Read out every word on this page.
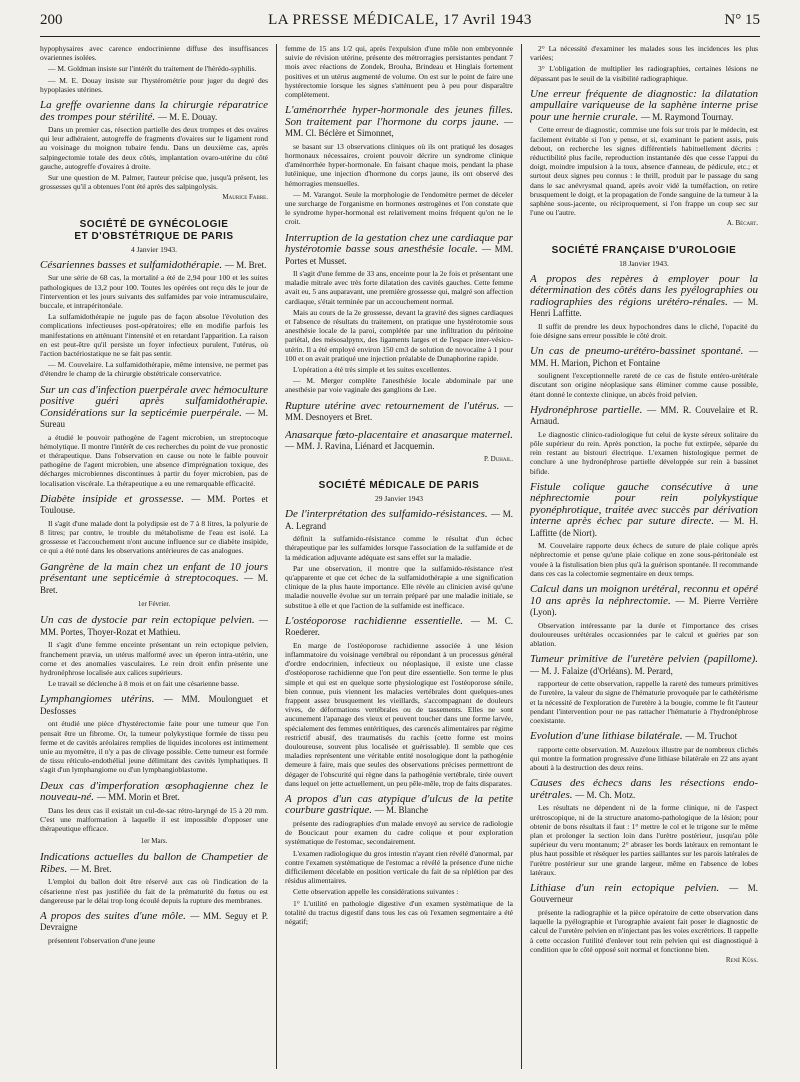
200	LA PRESSE MÉDICALE, 17 Avril 1943	N° 15

hypophysaires avec carence endocrinienne diffuse des insuffisances ovariennes isolées.

— M. Goldman insiste sur l'intérêt du traitement de l'hérédo-syphilis.

— M. E. Douay insiste sur l'hystérométrie pour juger du degré des hypoplasies utérines.

La greffe ovarienne dans la chirurgie réparatrice des trompes pour stérilité. — M. E. Douay.

Dans un premier cas, résection partielle des deux trompes et des ovaires qui leur adhéraient, autogreffe de fragments d'ovaires sur le ligament rond au voisinage du moignon tubaire fendu. Dans un deuxième cas, après salpingectomie totale des deux côtés, implantation ovaro-utérine du côté gauche, autogreffe d'ovaires à droite.

Sur une question de M. Palmer, l'auteur précise que, jusqu'à présent, les grossesses qu'il a obtenues l'ont été après des salpingolysis.

Maurice Fabre.
SOCIÉTÉ DE GYNÉCOLOGIE
ET D'OBSTÉTRIQUE DE PARIS
4 Janvier 1943.
Césariennes basses et sulfamidothérapie. — M. Bret.

Sur une série de 68 cas, la mortalité a été de 2,94 pour 100 et les suites pathologiques de 13,2 pour 100. Toutes les opérées ont reçu dès le jour de l'intervention et les jours suivants des sulfamides par voie intramusculaire, buccale, et intrapéritonéale.

La sulfamidothérapie ne jugule pas de façon absolue l'évolution des complications infectieuses post-opératoires; elle en modifie parfois les manifestations en atténuant l'intensité et en retardant l'apparition. La raison en est peut-être qu'il persiste un foyer infectieux purulent, l'utérus, où l'action bactériostatique ne se fait pas sentir.

— M. Couvelaire. La sulfamidothérapie, même intensive, ne permet pas d'étendre le champ de la chirurgie obstétricale conservatrice.

Sur un cas d'infection puerpérale avec hémoculture positive guéri après sulfamidothérapie. Considérations sur la septicémie puerpérale. — M. Sureau

a étudié le pouvoir pathogène de l'agent microbien, un streptocoque hémolytique. Il montre l'intérêt de ces recherches du point de vue pronostic et thérapeutique. Dans l'observation en cause ou note le faible pouvoir pathogène de l'agent microbien, une absence d'imprégnation toxique, des décharges microbiennes discontinues à partir du foyer microbien, pas de localisation viscérale. La thérapeutique a eu une remarquable efficacité.

Diabète insipide et grossesse. — MM. Portes et Toulouse.

Il s'agit d'une malade dont la polydipsie est de 7 à 8 litres, la polyurie de 8 litres; par contre, le trouble du métabolisme de l'eau est isolé. La grossesse et l'accouchement n'ont aucune influence sur ce diabète insipide, ce qui a été noté dans les observations antérieures de cas analogues.

Gangrène de la main chez un enfant de 10 jours présentant une septicémie à streptocoques. — M. Bret.
1er Février.
Un cas de dystocie par rein ectopique pelvien. — MM. Portes, Thoyer-Rozat et Mathieu.

Il s'agit d'une femme enceinte présentant un rein ectopique pelvien, franchement prævia, un utérus malformé avec un éperon intra-utérin, une corne et des anomalies vasculaires. Le rein droit enfin présente une hydronéphrose localisée aux calices supérieurs.

Le travail se déclenche à 8 mois et on fait une césarienne basse.

Lymphangiomes utérins. — MM. Moulonguet et Desfosses

ont étudié une pièce d'hystérectomie faite pour une tumeur que l'on pensait être un fibrome. Or, la tumeur polykystique formée de tissu peu ferme et de cavités aréolaires remplies de liquides incolores est intimement unie au myomètre, il n'y a pas de clivage possible. Cette tumeur est formée de tissu réticulo-endothélial jeune délimitant des cavités lymphatiques. Il s'agit d'un lymphangiome ou d'un lymphangioblastome.

Deux cas d'imperforation œsophagienne chez le nouveau-né. — MM. Morin et Bret.

Dans les deux cas il existait un cul-de-sac rétro-laryngé de 15 à 20 mm. C'est une malformation à laquelle il est impossible d'opposer une thérapeutique efficace.

1er Mars.
Indications actuelles du ballon de Champetier de Ribes. — M. Bret.

L'emploi du ballon doit être réservé aux cas où l'indication de la césarienne n'est pas justifiée du fait de la prématurité du fœtus ou est dangereuse par le délai trop long écoulé depuis la rupture des membranes.

A propos des suites d'une môle. — MM. Seguy et P. Devraigne

présentent l'observation d'une jeune

femme de 15 ans 1/2 qui, après l'expulsion d'une môle non embryonnée suivie de révision utérine, présente des métrorragies persistantes pendant 7 mois avec réactions de Zondek, Brouha, Brindeau et Hinglais fortement positives et un utérus augmenté de volume. On est sur le point de faire une hystérectomie lorsque les signes s'atténuent peu à peu pour disparaître complètement.

L'aménorrhée hyper-hormonale des jeunes filles. Son traitement par l'hormone du corps jaune. — MM. Cl. Béclère et Simonnet,

se basant sur 13 observations cliniques où ils ont pratiqué les dosages hormonaux nécessaires, croient pouvoir décrire un syndrome clinique d'aménorrhée hyper-hormonale. En faisant chaque mois, pendant la phase lutéinique, une injection d'hormone du corps jaune, ils ont observé des hémorragies mensuelles.

— M. Varangot. Seule la morphologie de l'endomètre permet de déceler une surcharge de l'organisme en hormones œstrogènes et l'on constate que le syndrome hyper-hormonal est relativement moins fréquent qu'on ne le croit.

Interruption de la gestation chez une cardiaque par hystérotomie basse sous anesthésie locale. — MM. Portes et Musset.

Il s'agit d'une femme de 33 ans, enceinte pour la 2e fois et présentant une maladie mitrale avec très forte dilatation des cavités gauches. Cette femme avait eu, 5 ans auparavant, une première grossesse qui, malgré son affection cardiaque, s'était terminée par un accouchement normal.

Mais au cours de la 2e grossesse, devant la gravité des signes cardiaques et l'absence de résultats du traitement, on pratique une hystérotomie sous anesthésie locale de la paroi, complétée par une infiltration du péritoine pariétal, des mésosalpynx, des ligaments larges et de l'espace inter-vésico-utérin. Il a été employé environ 150 cm3 de solution de novocaïne à 1 pour 100 et on avait pratiqué une injection préalable de Dunaphorine rapide.

L'opération a été très simple et les suites excellentes.

— M. Merger complète l'anesthésie locale abdominale par une anesthésie par voie vaginale des ganglions de Lee.

Rupture utérine avec retournement de l'utérus. — MM. Desnoyers et Bret.
Anasarque fœto-placentaire et anasarque maternel. — MM. J. Ravina, Liénard et Jacquemin.
P. Duhail.
SOCIÉTÉ MÉDICALE DE PARIS
29 Janvier 1943
De l'interprétation des sulfamido-résistances. — M. A. Legrand

définit la sulfamido-résistance comme le résultat d'un échec thérapeutique par les sulfamides lorsque l'association de la sulfamide et de la médication adjuvante adéquate est sans effet sur la maladie.

Par une observation, il montre que la sulfamido-résistance n'est qu'apparente et que cet échec de la sulfamidothérapie a une signification clinique de la plus haute importance. Elle révèle au clinicien avisé qu'une maladie nouvelle évolue sur un terrain préparé par une maladie initiale, se substitue à elle et que l'action de la sulfamide est inefficace.

L'ostéoporose rachidienne essentielle. — M. C. Roederer.

En marge de l'ostéoporose rachidienne associée à une lésion inflammatoire du voisinage vertébral ou répondant à un processus général d'ordre endocrinien, infectieux ou néoplasique, il existe une classe d'ostéoporose rachidienne que l'on peut dire essentielle. Son terme le plus simple et qui est en quelque sorte physiologique est l'ostéoporose sénile, bien connue, puis viennent les malacies vertébrales dont quelques-unes frappent assez brusquement les vieillards, s'accompagnant de douleurs vives, de déformations vertébrales ou de tassements. Elles ne sont aucunement l'apanage des vieux et peuvent toucher dans une forme larvée, spécialement des femmes entéritiques, des carencés alimentaires par régime restrictif abusif, des traumatisés du rachis (cette forme est moins douloureuse, souvent plus localisée et guérissable). Il semble que ces maladies représentent une véritable entité nosologique dont la pathogénie demeure à faire, mais que seules des observations précises permettront de dégager de l'obscurité qui règne dans la pathogénie vertébrale, tirée ouvert dans lequel on jette actuellement, un peu pêle-mêle, trop de faits disparates.

A propos d'un cas atypique d'ulcus de la petite courbure gastrique. — M. Blanche

présente des radiographies d'un malade envoyé au service de radiologie de Boucicaut pour examen du cadre colique et pour exploration systématique de l'estomac, secondairement.

L'examen radiologique du gros intestin n'ayant rien révélé d'anormal, par contre l'examen systématique de l'estomac a révélé la présence d'une niche difficilement décelable en position verticale du fait de sa réplétion par des résidus alimentaires.

Cette observation appelle les considérations suivantes :

1° L'utilité en pathologie digestive d'un examen systématique de la totalité du tractus digestif dans tous les cas où l'examen segmentaire a été négatif;

2° La nécessité d'examiner les malades sous les incidences les plus variées;

3° L'obligation de multiplier les radiographies, certaines lésions ne dépassant pas le seuil de la visibilité radiographique.

Une erreur fréquente de diagnostic: la dilatation ampullaire variqueuse de la saphène interne prise pour une hernie crurale. — M. Raymond Tournay.

Cette erreur de diagnostic, commise une fois sur trois par le médecin, est facilement évitable si l'on y pense, et si, examinant le patient assis, puis debout, on recherche les signes différentiels habituellement décrits : réductibilité plus facile, reproduction instantanée dès que cesse l'appui du doigt, moindre impulsion à la toux, absence d'anneau, de pédicule, etc.; et surtout deux signes peu connus : le thrill, produit par le passage du sang dans le sac anévrysmal quand, après avoir vidé la tuméfaction, on retire brusquement le doigt, et la propagation de l'onde sanguine de la tumeur à la saphène sous-jacente, ou réciproquement, si l'on frappe un coup sec sur l'une ou l'autre.

A. Bécart.
SOCIÉTÉ FRANÇAISE D'UROLOGIE
18 Janvier 1943.
A propos des repères à employer pour la détermination des côtés dans les pyélographies ou radiographies des régions urétéro-rénales. — M. Henri Laffitte.

Il suffit de prendre les deux hypochondres dans le cliché, l'opacité du foie désigne sans erreur possible le côté droit.

Un cas de pneumo-urétéro-bassinet spontané. — MM. H. Marion, Pichon et Fontaine

soulignent l'exceptionnelle rareté de ce cas de fistule entéro-urétérale discutant son origine néoplasique sans éliminer comme cause possible, étant donné le contexte clinique, un abcès froid pelvien.

Hydronéphrose partielle. — MM. R. Couvelaire et R. Arnaud.

Le diagnostic clinico-radiologique fut celui de kyste séreux solitaire du pôle supérieur du rein. Après ponction, la poche fut extirpée, séparée du rein restant au bistouri électrique. L'examen histologique permet de conclure à une hydronéphrose partielle développée sur rein à bassinet bifide.

Fistule colique gauche consécutive à une néphrectomie pour rein polykystique pyonéphrotique, traitée avec succès par dérivation interne après échec par suture directe. — M. H. Laffitte (de Niort).

M. Couvelaire rapporte deux échecs de suture de plaie colique après néphrectomie et pense qu'une plaie colique en zone sous-péritonéale est vouée à la fistulisation bien plus qu'à la guérison spontanée. Il recommande dans ces cas la colectomie segmentaire en deux temps.

Calcul dans un moignon urétéral, reconnu et opéré 10 ans après la néphrectomie. — M. Pierre Verrière (Lyon).

Observation intéressante par la durée et l'importance des crises douloureuses urétérales occasionnées par le calcul et guéries par son ablation.

Tumeur primitive de l'uretère pelvien (papillome). — M. J. Falaize (d'Orléans). M. Perard,

rapporteur de cette observation, rappelle la rareté des tumeurs primitives de l'uretère, la valeur du signe de l'hématurie provoquée par le cathétérisme et la nécessité de l'exploration de l'uretère à la bougie, comme le fit l'auteur pendant l'intervention pour ne pas rattacher l'hématurie à l'hydronéphrose coexistante.

Evolution d'une lithiase bilatérale. — M. Truchot

rapporte cette observation. M. Auzeloux illustre par de nombreux clichés qui montre la formation progressive d'une lithiase bilatérale en 22 ans ayant abouti à la destruction des deux reins.

Causes des échecs dans les résections endo-urétrales. — M. Ch. Motz.

Les résultats ne dépendent ni de la forme clinique, ni de l'aspect urétroscopique, ni de la structure anatomo-pathologique de la lésion; pour obtenir de bons résultats il faut : 1° mettre le col et le trigone sur le même plan et prolonger la section loin dans l'urètre postérieur, jusqu'au pôle supérieur du veru montanum; 2° abraser les bords latéraux en remontant le plus haut possible et réséquer les parties saillantes sur les parois latérales de l'urètre postérieur sur une grande largeur, même en l'absence de lobes latéraux.

Lithiase d'un rein ectopique pelvien. — M. Gouverneur

présente la radiographie et la pièce opératoire de cette observation dans laquelle la pyélographie et l'urographie avaient fait poser le diagnostic de calcul de l'uretère pelvien en n'injectant pas les voies excrétrices. Il rappelle à cette occasion l'utilité d'enlever tout rein pelvien qui est diagnostiqué à condition que le côté opposé soit normal et fonctionne bien.

René Küss.
